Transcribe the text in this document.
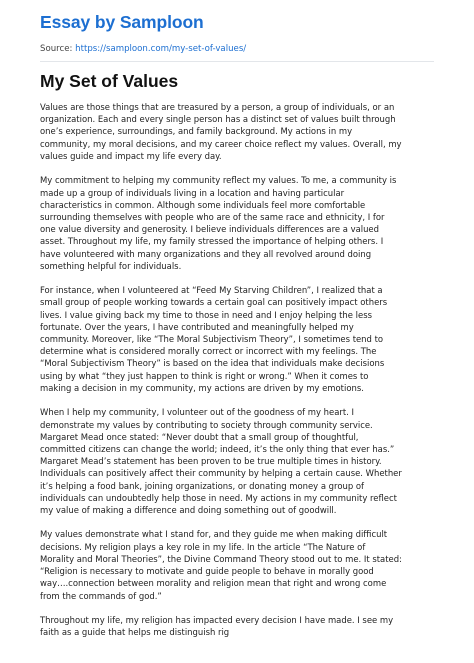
Essay by Samploon
Source: https://samploon.com/my-set-of-values/
My Set of Values
Values are those things that are treasured by a person, a group of individuals, or an
organization. Each and every single person has a distinct set of values built through
one’s experience, surroundings, and family background. My actions in my
community, my moral decisions, and my career choice reflect my values. Overall, my
values guide and impact my life every day.
My commitment to helping my community reflect my values. To me, a community is
made up a group of individuals living in a location and having particular
characteristics in common. Although some individuals feel more comfortable
surrounding themselves with people who are of the same race and ethnicity, I for
one value diversity and generosity. I believe individuals differences are a valued
asset. Throughout my life, my family stressed the importance of helping others. I
have volunteered with many organizations and they all revolved around doing
something helpful for individuals.
For instance, when I volunteered at “Feed My Starving Children”, I realized that a
small group of people working towards a certain goal can positively impact others
lives. I value giving back my time to those in need and I enjoy helping the less
fortunate. Over the years, I have contributed and meaningfully helped my
community. Moreover, like “The Moral Subjectivism Theory”, I sometimes tend to
determine what is considered morally correct or incorrect with my feelings. The
“Moral Subjectivism Theory” is based on the idea that individuals make decisions
using by what “they just happen to think is right or wrong.” When it comes to
making a decision in my community, my actions are driven by my emotions.
When I help my community, I volunteer out of the goodness of my heart. I
demonstrate my values by contributing to society through community service.
Margaret Mead once stated: “Never doubt that a small group of thoughtful,
committed citizens can change the world; indeed, it’s the only thing that ever has.”
Margaret Mead’s statement has been proven to be true multiple times in history.
Individuals can positively affect their community by helping a certain cause. Whether
it’s helping a food bank, joining organizations, or donating money a group of
individuals can undoubtedly help those in need. My actions in my community reflect
my value of making a difference and doing something out of goodwill.
My values demonstrate what I stand for, and they guide me when making difficult
decisions. My religion plays a key role in my life. In the article “The Nature of
Morality and Moral Theories”, the Divine Command Theory stood out to me. It stated:
“Religion is necessary to motivate and guide people to behave in morally good
way….connection between morality and religion mean that right and wrong come
from the commands of god.”
Throughout my life, my religion has impacted every decision I have made. I see my
faith as a guide that helps me distinguish rig
